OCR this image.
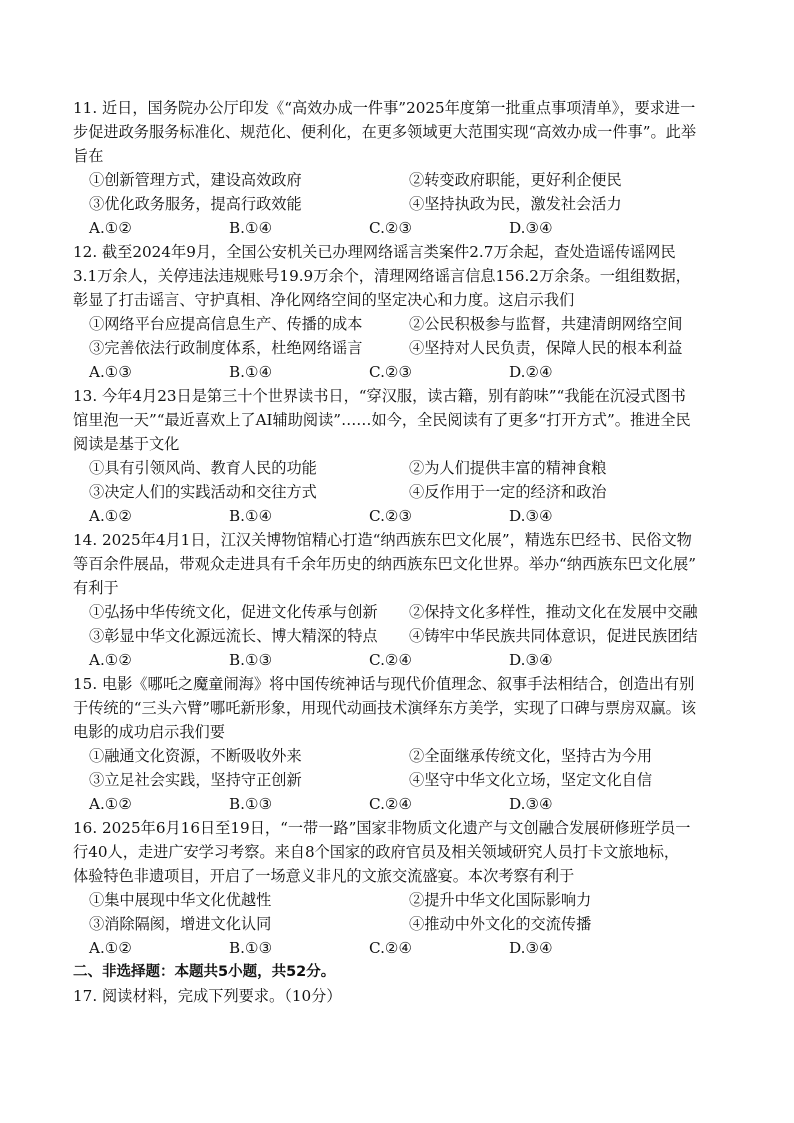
11. 近日，国务院办公厅印发《“高效办成一件事”2025年度第一批重点事项清单》，要求进一
步促进政务服务标准化、规范化、便利化，在更多领域更大范围实现“高效办成一件事”。此举
旨在
①创新管理方式，建设高效政府	②转变政府职能，更好利企便民
③优化政务服务，提高行政效能	④坚持执政为民，激发社会活力
A.①②	B.①④	C.②③	D.③④
12. 截至2024年9月，全国公安机关已办理网络谣言类案件2.7万余起，查处造谣传谣网民
3.1万余人，关停违法违规账号19.9万余个，清理网络谣言信息156.2万余条。一组组数据，
彰显了打击谣言、守护真相、净化网络空间的坚定决心和力度。这启示我们
①网络平台应提高信息生产、传播的成本	②公民积极参与监督，共建清朗网络空间
③完善依法行政制度体系，杜绝网络谣言	④坚持对人民负责，保障人民的根本利益
A.①③	B.①④	C.②③	D.②④
13. 今年4月23日是第三十个世界读书日，“穿汉服，读古籍，别有韵味”“我能在沉浸式图书
馆里泡一天”“最近喜欢上了AI辅助阅读”……如今，全民阅读有了更多“打开方式”。推进全民
阅读是基于文化
①具有引领风尚、教育人民的功能	②为人们提供丰富的精神食粮
③决定人们的实践活动和交往方式	④反作用于一定的经济和政治
A.①②	B.①④	C.②③	D.③④
14. 2025年4月1日，江汉关博物馆精心打造“纳西族东巴文化展”，精选东巴经书、民俗文物
等百余件展品，带观众走进具有千余年历史的纳西族东巴文化世界。举办“纳西族东巴文化展”
有利于
①弘扬中华传统文化，促进文化传承与创新	②保持文化多样性，推动文化在发展中交融
③彰显中华文化源远流长、博大精深的特点	④铸牢中华民族共同体意识，促进民族团结
A.①②	B.①③	C.②④	D.③④
15. 电影《哪吒之魔童闹海》将中国传统神话与现代价值理念、叙事手法相结合，创造出有别
于传统的“三头六臂”哪吒新形象，用现代动画技术演绎东方美学，实现了口碑与票房双赢。该
电影的成功启示我们要
①融通文化资源，不断吸收外来	②全面继承传统文化，坚持古为今用
③立足社会实践，坚持守正创新	④坚守中华文化立场，坚定文化自信
A.①②	B.①③	C.②④	D.③④
16. 2025年6月16日至19日，“一带一路”国家非物质文化遗产与文创融合发展研修班学员一
行40人，走进广安学习考察。来自8个国家的政府官员及相关领域研究人员打卡文旅地标，
体验特色非遗项目，开启了一场意义非凡的文旅交流盛宴。本次考察有利于
①集中展现中华文化优越性	②提升中华文化国际影响力
③消除隔阂，增进文化认同	④推动中外文化的交流传播
A.①②	B.①③	C.②④	D.③④
二、非选择题：本题共5小题，共52分。
17. 阅读材料，完成下列要求。（10分）
